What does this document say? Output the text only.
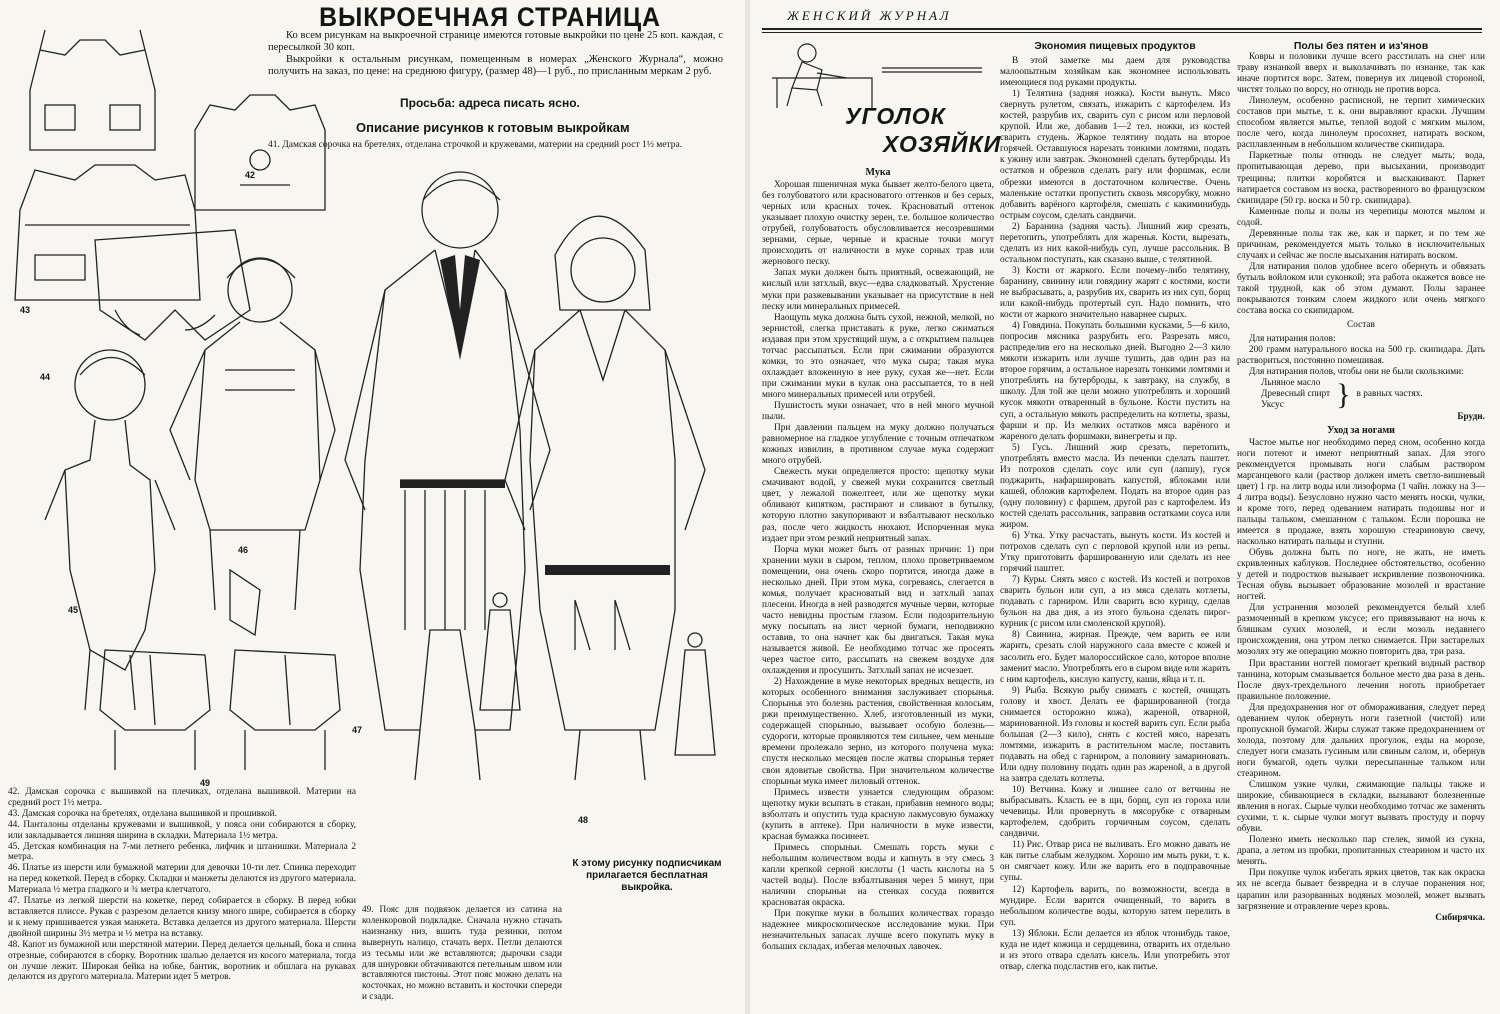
ВЫКРОЕЧНАЯ СТРАНИЦА

Ко всем рисункам на выкроечной странице имеются готовые выкройки по цене 25 коп. каждая, с пересылкой 30 коп.

Выкройки к остальным рисункам, помещенным в номерах „Женского Журнала“, можно получить на заказ, по цене: на среднюю фигуру, (размер 48)—1 руб., по присланным меркам 2 руб.

Просьба: адреса писать ясно.
Описание рисунков к готовым выкройкам
41. Дамская сорочка на бретелях, отделана строчкой и кружевами, материи на средний рост 1½ метра.
43
42
44
45
46
47
48
49

42. Дамская сорочка с вышивкой на плечиках, отделана вышивкой. Материи на средний рост 1½ метра.

43. Дамская сорочка на бретелях, отделана вышивкой и прошивкой.

44. Панталоны отделаны кружевами и вышивкой, у пояса они собираются в сборку, или закладывается лишняя ширина в складки. Материала 1½ метра.

45. Детская комбинация на 7-ми летнего ребенка, лифчик и штанишки. Материала 2 метра.

46. Платье из шерсти или бумажной материи для девочки 10-ти лет. Спинка переходит на перед кокеткой. Перед в сборку. Складки и манжеты делаются из другого материала. Материала ½ метра гладкого и ¾ метра клетчатого.

47. Платье из легкой шерсти на кокетке, перед собирается в сборку. В перед юбки вставляется плиссе. Рукав с разрезом делается книзу много шире, собирается в сборку и к нему пришивается узкая манжета. Вставка делается из другого материала. Шерсти двойной ширины 3½ метра и ½ метра на вставку.

48. Капот из бумажной или шерстяной материи. Перед делается цельный, бока и спина отрезные, собираются в сборку. Воротник шалью делается из косого материала, тогда он лучше лежит. Широкая бейка на юбке, бантик, воротник и обшлага на рукавах делаются из другого материала. Материи идет 5 метров.

49. Пояс для подвязок делается из сатина на коленкоровой подкладке. Сначала нужно стачать наизнанку низ, вшить туда резинки, потом вывернуть налицо, стачать верх. Петли делаются из тесьмы или же вставляются; дырочки сзади для шнуровки обтачиваются петельным швом или вставляются пистоны. Этот пояс можно делать на косточках, но можно вставить и косточки спереди и сзади.
К этому рисунку подписчикам прилагается бесплатная выкройка.
ЖЕНСКИЙ ЖУРНАЛ
УГОЛОК
ХОЗЯЙКИ

Мука

Хорошая пшеничная мука бывает желто-белого цвета, без голубоватого или красноватого оттенков и без серых, черных или красных точек. Красноватый оттенок указывает плохую очистку зерен, т.е. большое количество отрубей, голубоватость обусловливается несозревшими зернами, серые, черные и красные точки могут происходить от наличности в муке сорных трав или жернового песку.

Запах муки должен быть приятный, освежающий, не кислый или затхлый, вкус—едва сладковатый. Хрустение муки при разжевывании указывает на присутствие в ней песку или минеральных примесей.

Наощупь мука должна быть сухой, нежной, мелкой, но зернистой, слегка приставать к руке, легко сжиматься издавая при этом хрустящий шум, а с открытием пальцев тотчас рассыпаться. Если при сжимании образуются комки, то это означает, что мука сыра; такая мука охлаждает вложенную в нее руку, сухая же—нет. Если при сжимании муки в кулак она рассыпается, то в ней много минеральных примесей или отрубей.

Пушистость муки означает, что в ней много мучной пыли.

При давлении пальцем на муку должно получаться равномерное на гладкое углубление с точным отпечатком кожных извилин, в противном случае мука содержит много отрубей.

Свежесть муки определяется просто: щепотку муки смачивают водой, у свежей муки сохранится светлый цвет, у лежалой пожелтеет, или же щепотку муки обливают кипятком, растирают и сливают в бутылку, которую плотно закупоривают и взбалтывают несколько раз, после чего жидкость нюхают. Испорченная мука издает при этом резкий неприятный запах.

Порча муки может быть от разных причин: 1) при хранении муки в сыром, теплом, плохо проветриваемом помещении, она очень скоро портится, иногда даже в несколько дней. При этом мука, согреваясь, слегается в комья, получает красноватый вид и затхлый запах плесени. Иногда в ней разводятся мучные черви, которые часто невидны простым глазом. Если подозрительную муку посыпать на лист черной бумаги, неподвижно оставив, то она начнет как бы двигаться. Такая мука называется живой. Ее необходимо тотчас же просеять через частое сито, рассыпать на свежем воздухе для охлаждения и просушить. Затхлый запах не исчезает.

2) Нахождение в муке некоторых вредных веществ, из которых особенного внимания заслуживает спорынья. Спорынья это болезнь растения, свойственная колосьям, ржи преимущественно. Хлеб, изготовленный из муки, содержащей спорынью, вызывает особую болезнь—судороги, которые проявляются тем сильнее, чем меньше времени пролежало зерно, из которого получена мука: спустя несколько месяцев после жатвы спорынья теряет свои ядовитые свойства. При значительном количестве спорыньи мука имеет лиловый оттенок.

Примесь извести узнается следующим образом: щепотку муки всыпать в стакан, прибавив немного воды; взболтать и опустить туда красную лакмусовую бумажку (купить в аптеке). При наличности в муке извести, красная бумажка посинеет.

Примесь спорыньи. Смешать горсть муки с небольшим количеством воды и капнуть в эту смесь 3 капли крепкой серной кислоты (1 часть кислоты на 5 частей воды). После взбалтывания через 5 минут, при наличии спорыньи на стенках сосуда появится красноватая окраска.

При покупке муки в больших количествах гораздо надежнее микроскопическое исследование муки. При незначительных запасах лучше всего покупать муку в больших складах, избегая мелочных лавочек.

Экономия пищевых продуктов

В этой заметке мы даем для руководства малоопытным хозяйкам как экономнее использовать имеющиеся под руками продукты.

1) Телятина (задняя ножка). Кости вынуть. Мясо свернуть рулетом, связать, изжарить с картофелем. Из костей, разрубив их, сварить суп с рисом или перловой крупой. Или же, добавив 1—2 тел. ножки, из костей сварить студень. Жаркое телятину подать на второе горячей. Оставшуюся нарезать тонкими ломтями, подать к ужину или завтрак. Экономней сделать бутерброды. Из остатков и обрезков сделать рагу или форшмак, если обрезки имеются в достаточном количестве. Очень маленькие остатки пропустить сквозь мясорубку, можно добавить варёного картофеля, смешать с какиминибудь острым соусом, сделать сандвичи.

2) Баранина (задняя часть). Лишний жир срезать, перетопить, употреблять для жаренья. Кости, вырезать, сделать из них какой-нибудь суп, лучше рассольник. В остальном поступать, как сказано выше, с телятиной.

3) Кости от жаркого. Если почему-либо телятину, баранину, свинину или говядину жарят с костями, кости не выбрасывать, а, разрубив их, сварить из них суп, борщ или какой-нибудь протертый суп. Надо помнить, что кости от жаркого значительно наварнее сырых.

4) Говядина. Покупать большими кусками, 5—6 кило, попросив мясника разрубить его. Разрезать мясо, распределив его на несколько дней. Выгодно 2—3 кило мякоти изжарить или лучше тушить, дав один раз на второе горячим, а остальное нарезать тонкими ломтями и употреблять на бутерброды, к завтраку, на службу, в школу. Для той же цели можно употреблять и хороший кусок мякоти отваренный в бульоне. Кости пустить на суп, а остальную мякоть распределить на котлеты, зразы, фарши и пр. Из мелких остатков мяса варёного и жареного делать форшмаки, винегреты и пр.

5) Гусь. Лишний жир срезать, перетопить, употреблять вместо масла. Из печенки сделать паштет. Из потрохов сделать соус или суп (лапшу), гуся поджарить, нафаршировать капустой, яблоками или кашей, обложив картофелем. Подать на второе один раз (одну половину) с фаршем, другой раз с картофелем. Из костей сделать рассольник, заправив остатками соуса или жиром.

6) Утка. Утку расчастать, вынуть кости. Из костей и потрохов сделать суп с перловой крупой или из репы. Утку приготовить фаршированную или сделать из нее горячий паштет.

7) Куры. Снять мясо с костей. Из костей и потрохов сварить бульон или суп, а из мяса сделать котлеты, подавать с гарниром. Или сварить всю курицу, сделав бульон на два дня, а из этого бульона сделать пирог-курник (с рисом или смоленской крупой).

8) Свинина, жирная. Прежде, чем варить ее или жарить, срезать слой наружного сала вместе с кожей и засолить его. Будет малороссийское сало, которое вполне заменит масло. Употреблять его в сыром виде или жарить с ним картофель, кислую капусту, каши, яйца и т. п.

9) Рыба. Всякую рыбу снимать с костей, очищать голову и хвост. Делать ее фаршированной (тогда снимается осторожно кожа), жареной, отварной, маринованной. Из головы и костей варить суп. Если рыба большая (2—3 кило), снять с костей мясо, нарезать ломтями, изжарить в растительном масле, поставить подавать на обед с гарниром, а половину замариновать. Или одну половину подать один раз жареной, а в другой на завтра сделать котлеты.

10) Ветчина. Кожу и лишнее сало от ветчины не выбрасывать. Класть ее в щи, борщ, суп из гороха или чечевицы. Или провернуть в мясорубке с отварным картофелем, сдобрить горчичным соусом, сделать сандвичи.

11) Рис. Отвар риса не выливать. Его можно давать не как питье слабым желудком. Хорошо им мыть руки, т. к. он смягчает кожу. Или же варить его в подправочные супы.

12) Картофель варить, по возможности, всегда в мундире. Если варится очищенный, то варить в небольшом количестве воды, которую затем перелить в суп.

13) Яблоки. Если делается из яблок чтонибудь такое, куда не идет кожица и сердцевина, отварить их отдельно и из этого отвара сделать кисель. Или употребить этот отвар, слегка подсластив его, как питье.

Полы без пятен и из'янов

Ковры и половики лучше всего расстилать на снег или траву изнанкой вверх и выколачивать по изнанке, так как иначе портится ворс. Затем, повернув их лицевой стороной, чистят только по ворсу, но отнюдь не против ворса.

Линолеум, особенно расписной, не терпит химических составов при мытье, т. к. они выравляют краски. Лучшим способом является мытье, теплой водой с мягким мылом, после чего, когда линолеум просохнет, натирать воском, расплавленным в небольшом количестве скипидара.

Паркетные полы отнюдь не следует мыть; вода, пропитывающая дерево, при высыхании, производит трещины; плитки коробятся и выскакивают. Паркет натирается составом из воска, растворенного во французском скипидаре (50 гр. воска и 50 гр. скипидара).

Каменные полы и полы из черепицы моются мылом и содой.

Деревянные полы так же, как и паркет, и по тем же причинам, рекомендуется мыть только в исключительных случаях и сейчас же после высыхания натирать воском.

Для натирания полов удобнее всего обернуть и обвязать бутыль войлоком или суконкой; эта работа окажется вовсе не такой трудной, как об этом думают. Полы заранее покрываются тонким слоем жидкого или очень мягкого состава воска со скипидаром.

Состав

Для натирания полов:

200 грамм натурального воска на 500 гр. скипидара. Дать раствориться, постоянно помешивая.

Для натирания полов, чтобы они не были скользкими:

Льняное масло
Древесный спирт
Уксус	} в равных частях.

Брудн.

Уход за ногами

Частое мытье ног необходимо перед сном, особенно когда ноги потеют и имеют неприятный запах. Для этого рекомендуется промывать ноги слабым раствором марганцевого кали (раствор должен иметь светло-вишневый цвет) 1 гр. на литр воды или лизоформа (1 чайн. ложку на 3—4 литра воды). Безусловно нужно часто менять носки, чулки, и кроме того, перед одеванием натирать подошвы ног и пальцы тальком, смешанном с тальком. Если порошка не имеется в продаже, взять хорошую стеариновую свечу, насколько натирать пальцы и ступни.

Обувь должна быть по ноге, не жать, не иметь скривленных каблуков. Последнее обстоятельство, особенно у детей и подростков вызывает искривление позвоночника. Тесная обувь вызывает образование мозолей и врастание ногтей.

Для устранения мозолей рекомендуется белый хлеб размоченный в крепком уксусе; его привязывают на ночь к бляшкам сухих мозолей, и если мозоль недавнего происхождения, она утром легко снимается. При застарелых мозолях эту же операцию можно повторить два, три раза.

При врастании ногтей помогает крепкий водный раствор таннина, которым смазывается больное место два раза в день. После двух-трехдельного лечения ноготь приобретает правильное положение.

Для предохранения ног от обмораживания, следует перед одеванием чулок обернуть ноги газетной (чистой) или пропускной бумагой. Жиры служат также предохранением от холода, поэтому для дальних прогулок, езды на морозе, следует ноги смазать гусиным или свиным салом, и, обернув ноги бумагой, одеть чулки пересыпанные тальком или стеарином.

Слишком узкие чулки, сжимающие пальцы также и широкие, сбивающиеся в складки, вызывают болезненные явления в ногах. Сырые чулки необходимо тотчас же заменять сухими, т. к. сырые чулки могут вызвать простуду и порчу обуви.

Полезно иметь несколько пар стелек, зимой из сукна, драпа, а летом из пробки, пропитанных стеарином и часто их менять.

При покупке чулок избегать ярких цветов, так как окраска их не всегда бывает безвредна и в случае поранения ног, царапин или разорванных водяных мозолей, может вызвать загрязнение и отравление через кровь.

Сибирячка.
